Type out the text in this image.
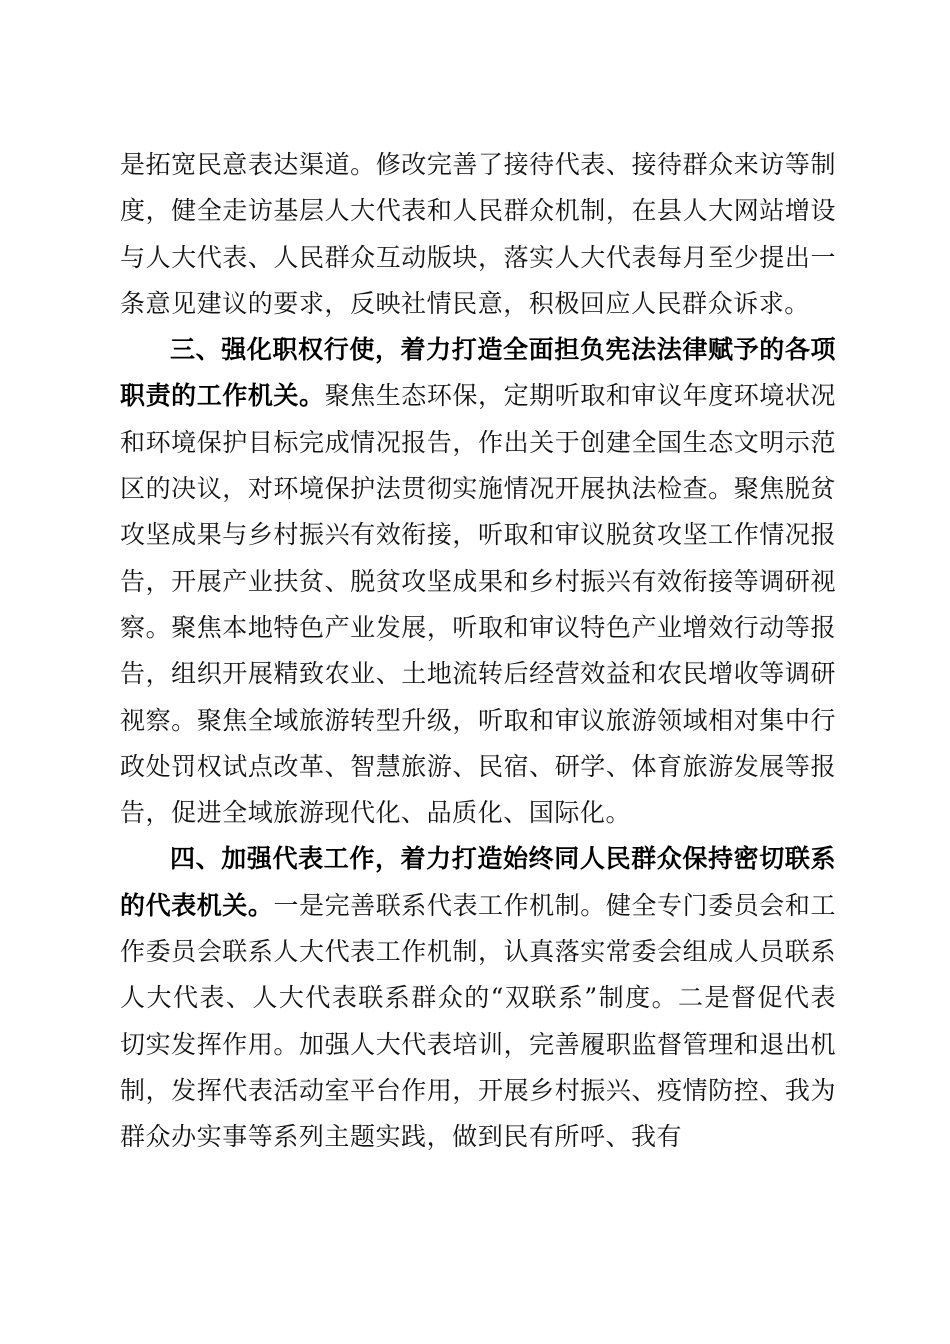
是拓宽民意表达渠道。修改完善了接待代表、接待群众来访等制度，健全走访基层人大代表和人民群众机制，在县人大网站增设与人大代表、人民群众互动版块，落实人大代表每月至少提出一条意见建议的要求，反映社情民意，积极回应人民群众诉求。

三、强化职权行使，着力打造全面担负宪法法律赋予的各项职责的工作机关。聚焦生态环保，定期听取和审议年度环境状况和环境保护目标完成情况报告，作出关于创建全国生态文明示范区的决议，对环境保护法贯彻实施情况开展执法检查。聚焦脱贫攻坚成果与乡村振兴有效衔接，听取和审议脱贫攻坚工作情况报告，开展产业扶贫、脱贫攻坚成果和乡村振兴有效衔接等调研视察。聚焦本地特色产业发展，听取和审议特色产业增效行动等报告，组织开展精致农业、土地流转后经营效益和农民增收等调研视察。聚焦全域旅游转型升级，听取和审议旅游领域相对集中行政处罚权试点改革、智慧旅游、民宿、研学、体育旅游发展等报告，促进全域旅游现代化、品质化、国际化。

四、加强代表工作，着力打造始终同人民群众保持密切联系的代表机关。一是完善联系代表工作机制。健全专门委员会和工作委员会联系人大代表工作机制，认真落实常委会组成人员联系人大代表、人大代表联系群众的“双联系”制度。二是督促代表切实发挥作用。加强人大代表培训，完善履职监督管理和退出机制，发挥代表活动室平台作用，开展乡村振兴、疫情防控、我为群众办实事等系列主题实践，做到民有所呼、我有
